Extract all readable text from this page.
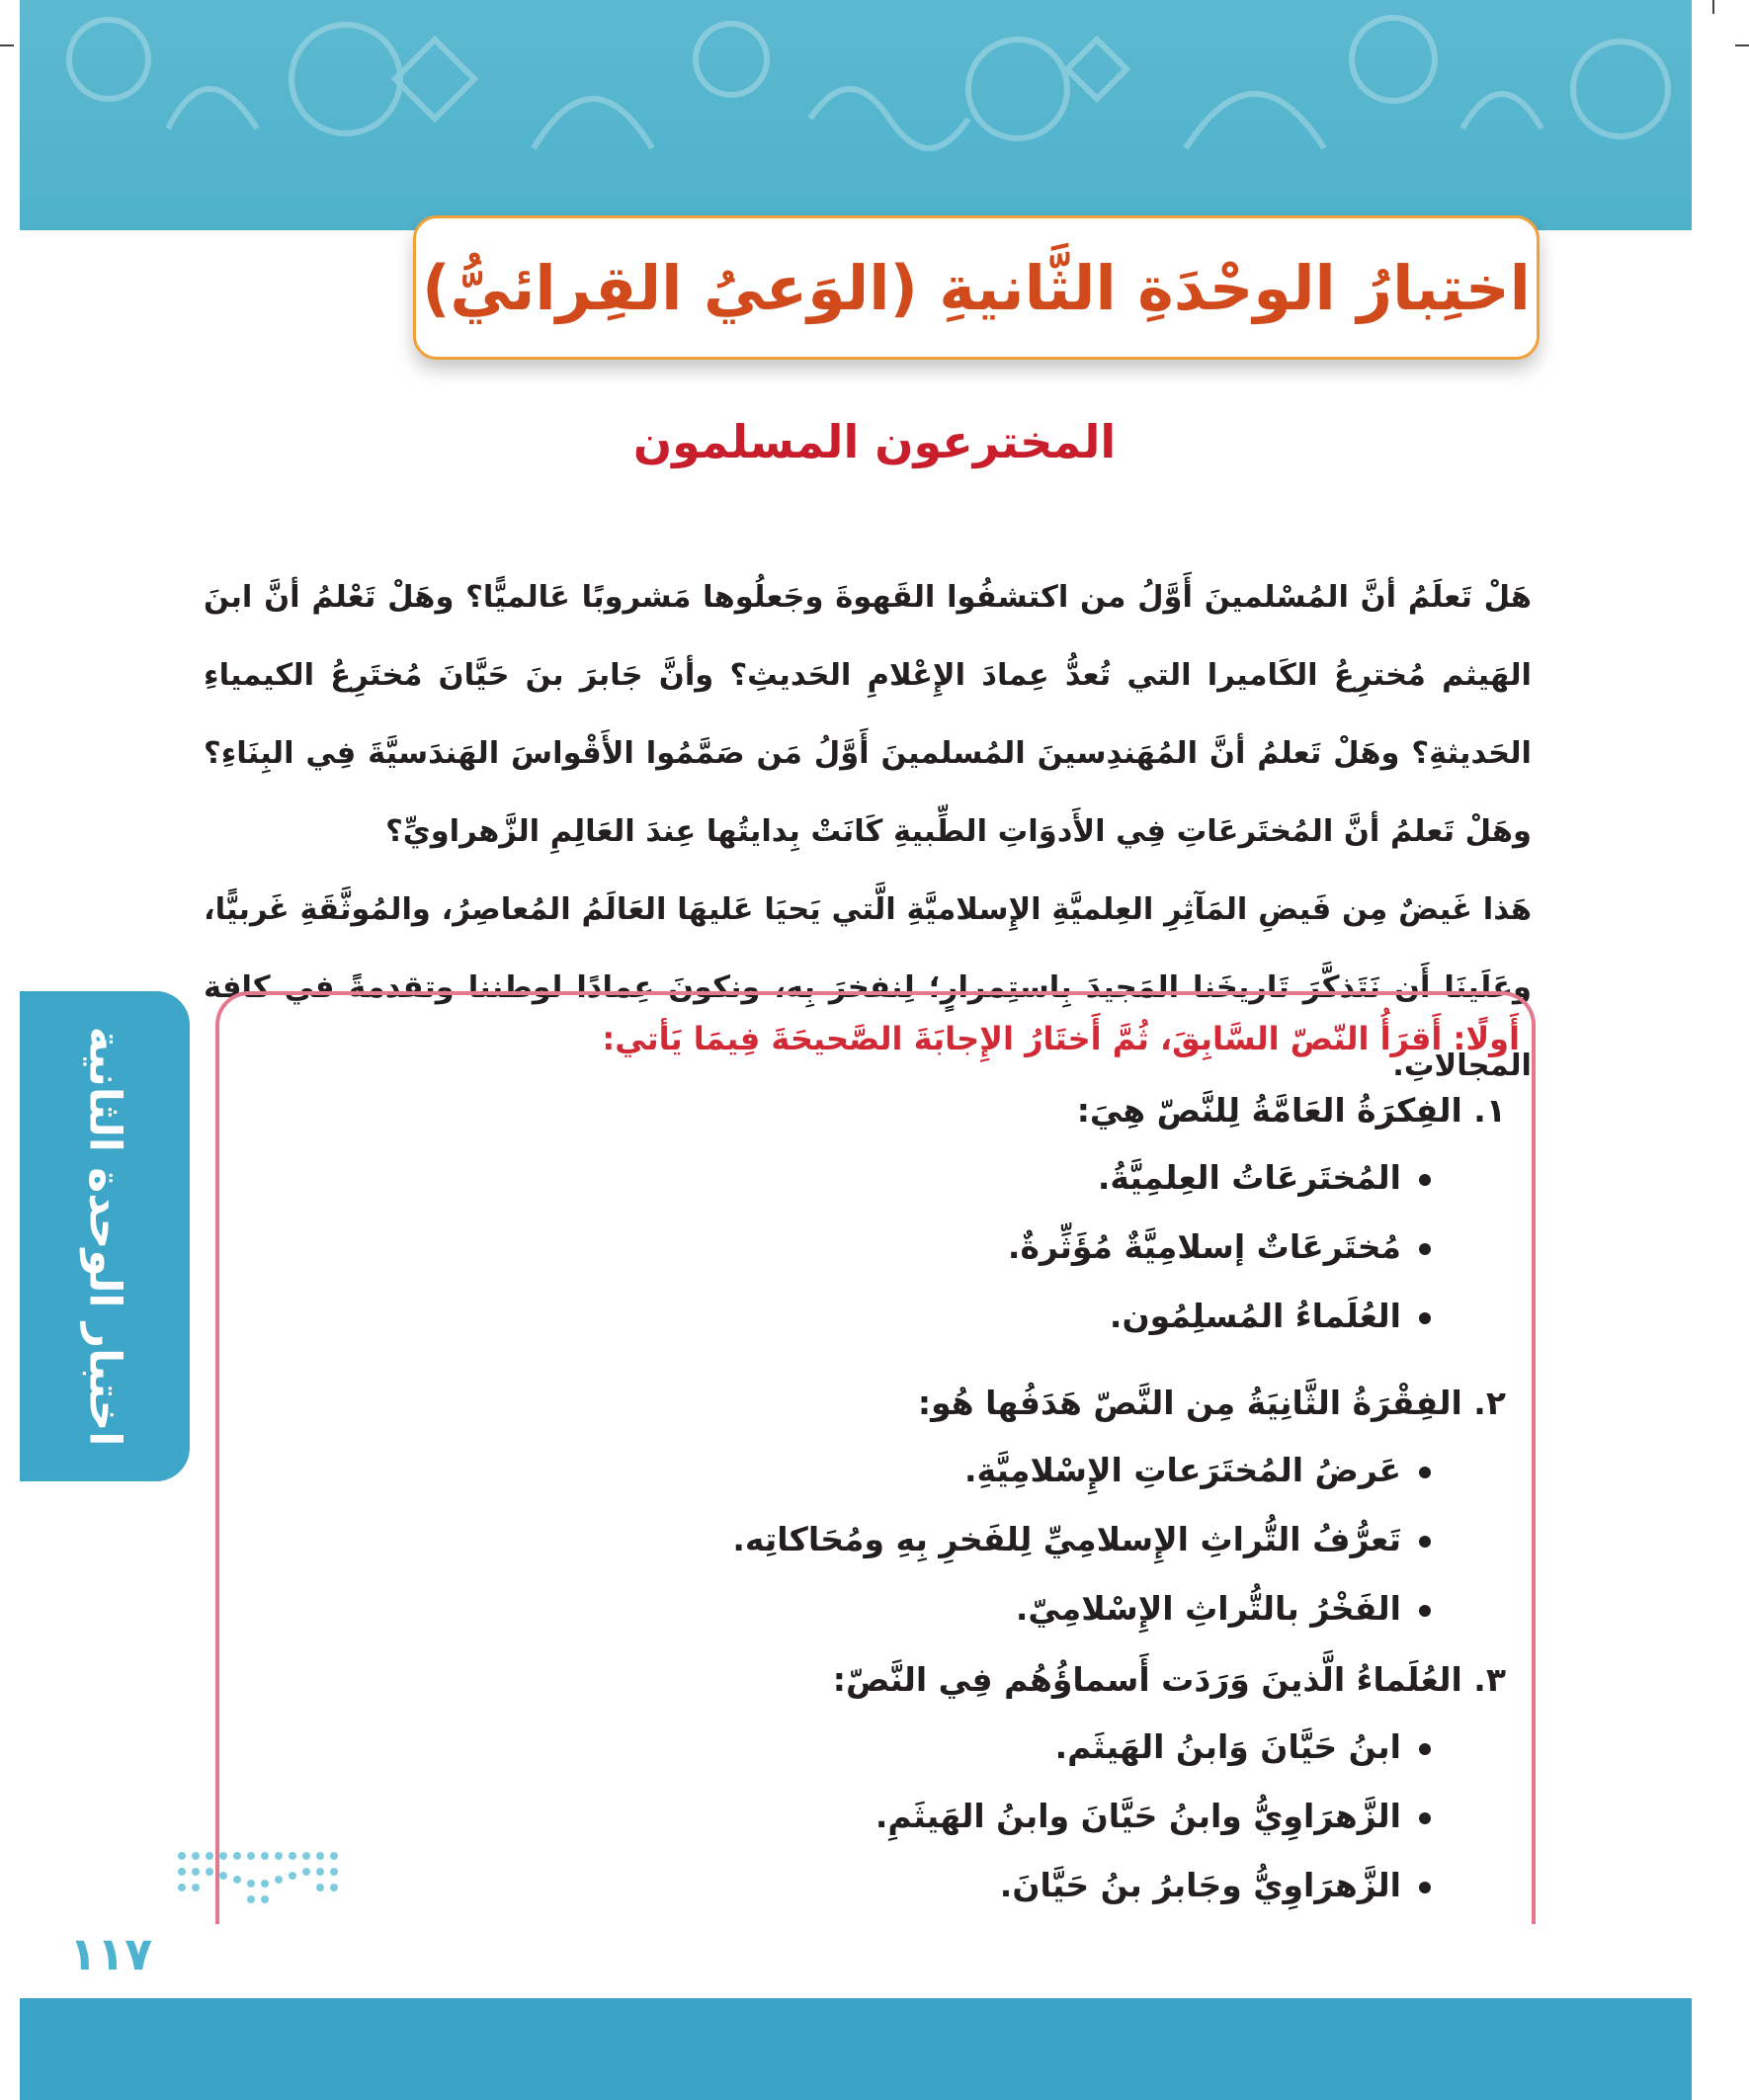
اختِبارُ الوحْدَةِ الثَّانيةِ (الوَعيُ القِرائيُّ)
المخترعون المسلمون

هَلْ تَعلَمُ أنَّ المُسْلمينَ أَوَّلُ من اكتشفُوا القَهوةَ وجَعلُوها مَشروبًا عَالميًّا؟ وهَلْ تَعْلمُ أنَّ ابنَ الهَيثم مُخترِعُ الكَاميرا التي تُعدُّ عِمادَ الإِعْلامِ الحَديثِ؟ وأنَّ جَابرَ بنَ حَيَّانَ مُختَرِعُ الكيمياءِ الحَديثةِ؟ وهَلْ تَعلمُ أنَّ المُهَندِسينَ المُسلمينَ أَوَّلُ مَن صَمَّمُوا الأَقْواسَ الهَندَسيَّةَ فِي البِنَاءِ؟ وهَلْ تَعلمُ أنَّ المُختَرعَاتِ فِي الأَدوَاتِ الطِّبيةِ كَانَتْ بِدايتُها عِندَ العَالِمِ الزَّهراويِّ؟

هَذا غَيضٌ مِن فَيضِ المَآثِرِ العِلميَّةِ الإِسلاميَّةِ الَّتي يَحيَا عَليهَا العَالَمُ المُعاصِرُ، والمُوثَّقَةِ غَربيًّا، وعَلَينَا أَن نَتَذكَّرَ تَاريخَنا المَجيدَ بِاستِمرارٍ؛ لِنفخرَ بِه، ونكونَ عِمادًا لوطننا وتقدمةً في كافة المجالاتِ.

اختبار الوحدة الثانية	أَولًا: أَقرَأُ النّصّ السَّابِقَ، ثُمَّ أَختَارُ الإِجابَةَ الصَّحيحَةَ فِيمَا يَأتي:
١. الفِكرَةُ العَامَّةُ لِلنَّصّ هِيَ:
المُختَرعَاتُ العِلمِيَّةُ.
مُختَرعَاتٌ إسلامِيَّةٌ مُؤَثِّرةٌ.
العُلَماءُ المُسلِمُون.
٢. الفِقْرَةُ الثَّانِيَةُ مِن النَّصّ هَدَفُها هُو:
عَرضُ المُختَرَعاتِ الإِسْلامِيَّةِ.
تَعرُّفُ التُّراثِ الإِسلامِيِّ لِلفَخرِ بِهِ ومُحَاكاتِه.
الفَخْرُ بالتُّراثِ الإِسْلامِيّ.
٣. العُلَماءُ الَّذينَ وَرَدَت أَسماؤُهُم فِي النَّصّ:
ابنُ حَيَّانَ وَابنُ الهَيثَم.
الزَّهرَاوِيُّ وابنُ حَيَّانَ وابنُ الهَيثَمِ.
الزَّهرَاوِيُّ وجَابرُ بنُ حَيَّانَ.
١١٧
